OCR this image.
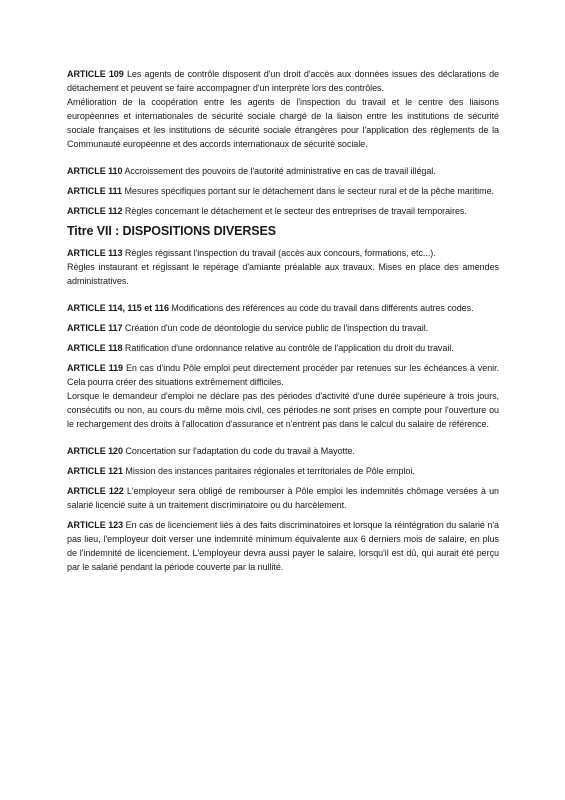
ARTICLE 109 Les agents de contrôle disposent d'un droit d'accès aux données issues des déclarations de détachement et peuvent se faire accompagner d'un interprète lors des contrôles.

Amélioration de la coopération entre les agents de l'inspection du travail et le centre des liaisons européennes et internationales de sécurité sociale chargé de la liaison entre les institutions de sécurité sociale françaises et les institutions de sécurité sociale étrangères pour l'application des règlements de la Communauté européenne et des accords internationaux de sécurité sociale.

ARTICLE 110 Accroissement des pouvoirs de l'autorité administrative en cas de travail illégal.

ARTICLE 111 Mesures spécifiques portant sur le détachement dans le secteur rural et de la pêche maritime.

ARTICLE 112 Règles concernant le détachement et le secteur des entreprises de travail temporaires.

Titre VII : DISPOSITIONS DIVERSES

ARTICLE 113 Règles régissant l'inspection du travail (accès aux concours, formations, etc...).

Règles instaurant et régissant le repérage d'amiante préalable aux travaux. Mises en place des amendes administratives.

ARTICLE 114, 115 et 116 Modifications des références au code du travail dans différents autres codes.

ARTICLE 117 Création d'un code de déontologie du service public de l'inspection du travail.

ARTICLE 118 Ratification d'une ordonnance relative au contrôle de l'application du droit du travail.

ARTICLE 119 En cas d'indu Pôle emploi peut directement procéder par retenues sur les échéances à venir. Cela pourra créer des situations extrêmement difficiles.

Lorsque le demandeur d'emploi ne déclare pas des périodes d'activité d'une durée supérieure à trois jours, consécutifs ou non, au cours du même mois civil, ces périodes ne sont prises en compte pour l'ouverture ou le rechargement des droits à l'allocation d'assurance et n'entrent pas dans le calcul du salaire de référence.

ARTICLE 120 Concertation sur l'adaptation du code du travail à Mayotte.

ARTICLE 121 Mission des instances paritaires régionales et territoriales de Pôle emploi.

ARTICLE 122 L'employeur sera obligé de rembourser à Pôle emploi les indemnités chômage versées à un salarié licencié suite à un traitement discriminatoire ou du harcèlement.

ARTICLE 123 En cas de licenciement liés à des faits discriminatoires et lorsque la réintégration du salarié n'a pas lieu, l'employeur doit verser une indemnité minimum équivalente aux 6 derniers mois de salaire, en plus de l'indemnité de licenciement. L'employeur devra aussi payer le salaire, lorsqu'il est dû, qui aurait été perçu par le salarié pendant la période couverte par la nullité.
